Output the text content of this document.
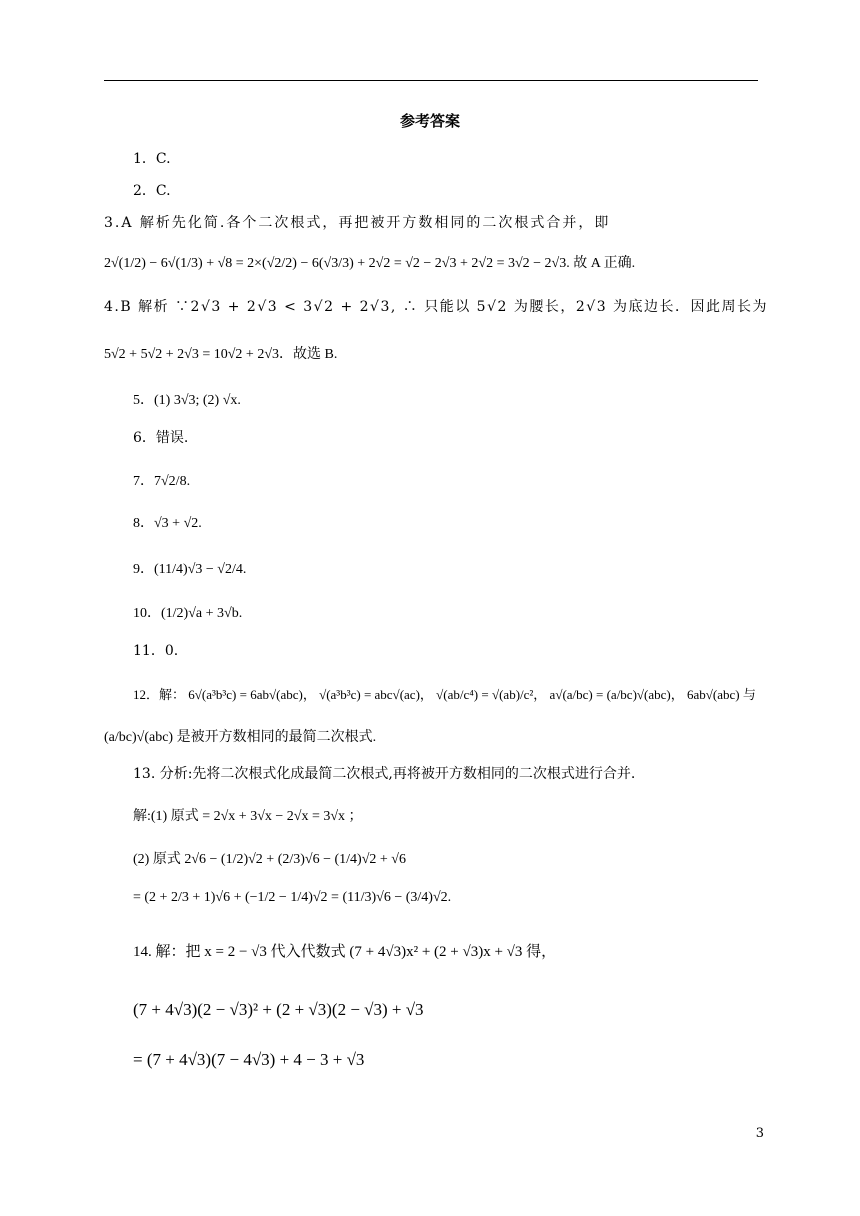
参考答案
1．C.
2．C.
3.A 解析先化简.各个二次根式，再把被开方数相同的二次根式合并，即
2√(1/2) − 6√(1/3) + √8 = 2×(√2/2) − 6(√3/3) + 2√2 = √2 − 2√3 + 2√2 = 3√2 − 2√3. 故 A 正确.
4.B 解析 ∵2√3 + 2√3 < 3√2 + 2√3, ∴ 只能以 5√2 为腰长，2√3 为底边长．因此周长为
5√2 + 5√2 + 2√3 = 10√2 + 2√3．故选 B.
5．(1) 3√3; (2) √x.
6．错误.
7．7√2/8.
8．√3 + √2.
9．(11/4)√3 − √2/4.
10．(1/2)√a + 3√b.
11．0.
12．解： 6√(a³b³c) = 6ab√(abc)， √(a³b³c) = abc√(ac)， √(ab/c⁴) = √(ab)/c²， a√(a/bc) = (a/bc)√(abc)， 6ab√(abc) 与
(a/bc)√(abc) 是被开方数相同的最简二次根式.
13. 分析:先将二次根式化成最简二次根式,再将被开方数相同的二次根式进行合并.
解:(1) 原式 = 2√x + 3√x − 2√x = 3√x ；
(2) 原式 2√6 − (1/2)√2 + (2/3)√6 − (1/4)√2 + √6
= (2 + 2/3 + 1)√6 + (−1/2 − 1/4)√2 = (11/3)√6 − (3/4)√2.
14. 解：把 x = 2 − √3 代入代数式 (7 + 4√3)x² + (2 + √3)x + √3 得，
(7 + 4√3)(2 − √3)² + (2 + √3)(2 − √3) + √3
= (7 + 4√3)(7 − 4√3) + 4 − 3 + √3
3
